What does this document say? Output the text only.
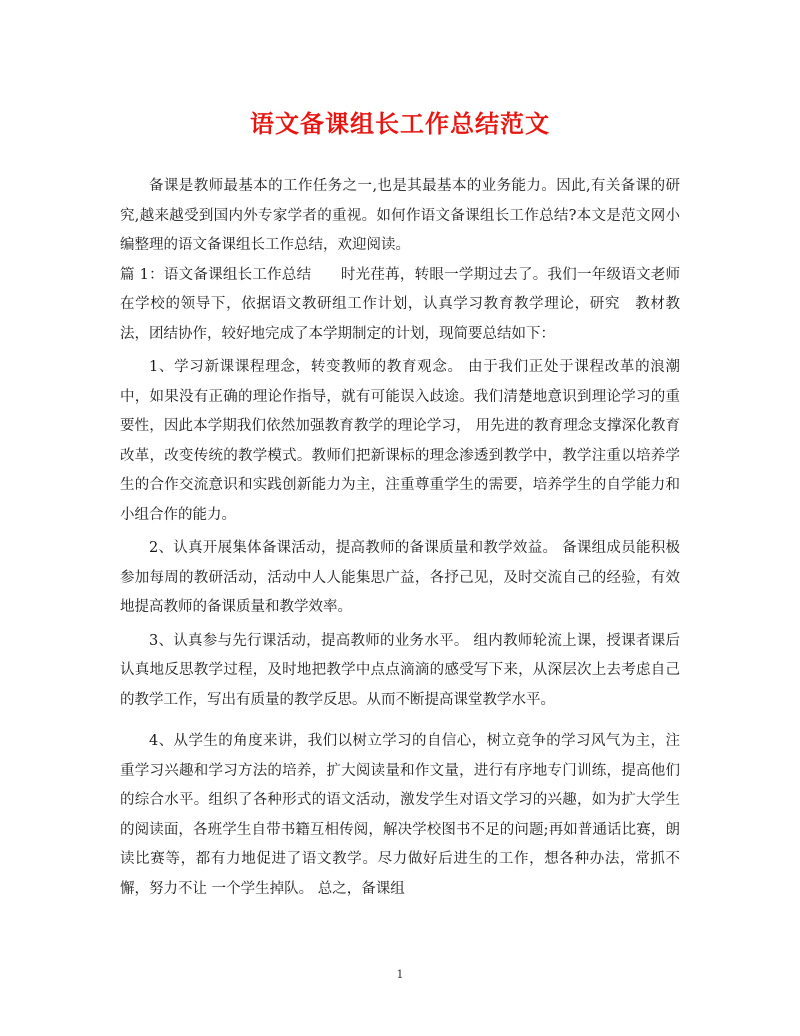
语文备课组长工作总结范文

备课是教师最基本的工作任务之一,也是其最基本的业务能力。因此,有关备课的研究,越来越受到国内外专家学者的重视。如何作语文备课组长工作总结?本文是范文网小编整理的语文备课组长工作总结，欢迎阅读。

篇 1：语文备课组长工作总结　　时光荏苒，转眼一学期过去了。我们一年级语文老师在学校的领导下，依据语文教研组工作计划，认真学习教育教学理论，研究　教材教法，团结协作，较好地完成了本学期制定的计划，现简要总结如下：

1、学习新课课程理念，转变教师的教育观念。 由于我们正处于课程改革的浪潮中，如果没有正确的理论作指导，就有可能误入歧途。我们清楚地意识到理论学习的重要性，因此本学期我们依然加强教育教学的理论学习， 用先进的教育理念支撑深化教育改革，改变传统的教学模式。教师们把新课标的理念渗透到教学中，教学注重以培养学生的合作交流意识和实践创新能力为主，注重尊重学生的需要，培养学生的自学能力和小组合作的能力。

2、认真开展集体备课活动，提高教师的备课质量和教学效益。 备课组成员能积极参加每周的教研活动，活动中人人能集思广益，各抒己见，及时交流自己的经验，有效地提高教师的备课质量和教学效率。

3、认真参与先行课活动，提高教师的业务水平。 组内教师轮流上课，授课者课后认真地反思教学过程，及时地把教学中点点滴滴的感受写下来，从深层次上去考虑自己的教学工作，写出有质量的教学反思。从而不断提高课堂教学水平。

4、从学生的角度来讲，我们以树立学习的自信心，树立竞争的学习风气为主，注重学习兴趣和学习方法的培养，扩大阅读量和作文量，进行有序地专门训练，提高他们的综合水平。组织了各种形式的语文活动，激发学生对语文学习的兴趣，如为扩大学生的阅读面，各班学生自带书籍互相传阅，解决学校图书不足的问题;再如普通话比赛，朗读比赛等，都有力地促进了语文教学。尽力做好后进生的工作，想各种办法，常抓不懈，努力不让 一个学生掉队。 总之，备课组

1
